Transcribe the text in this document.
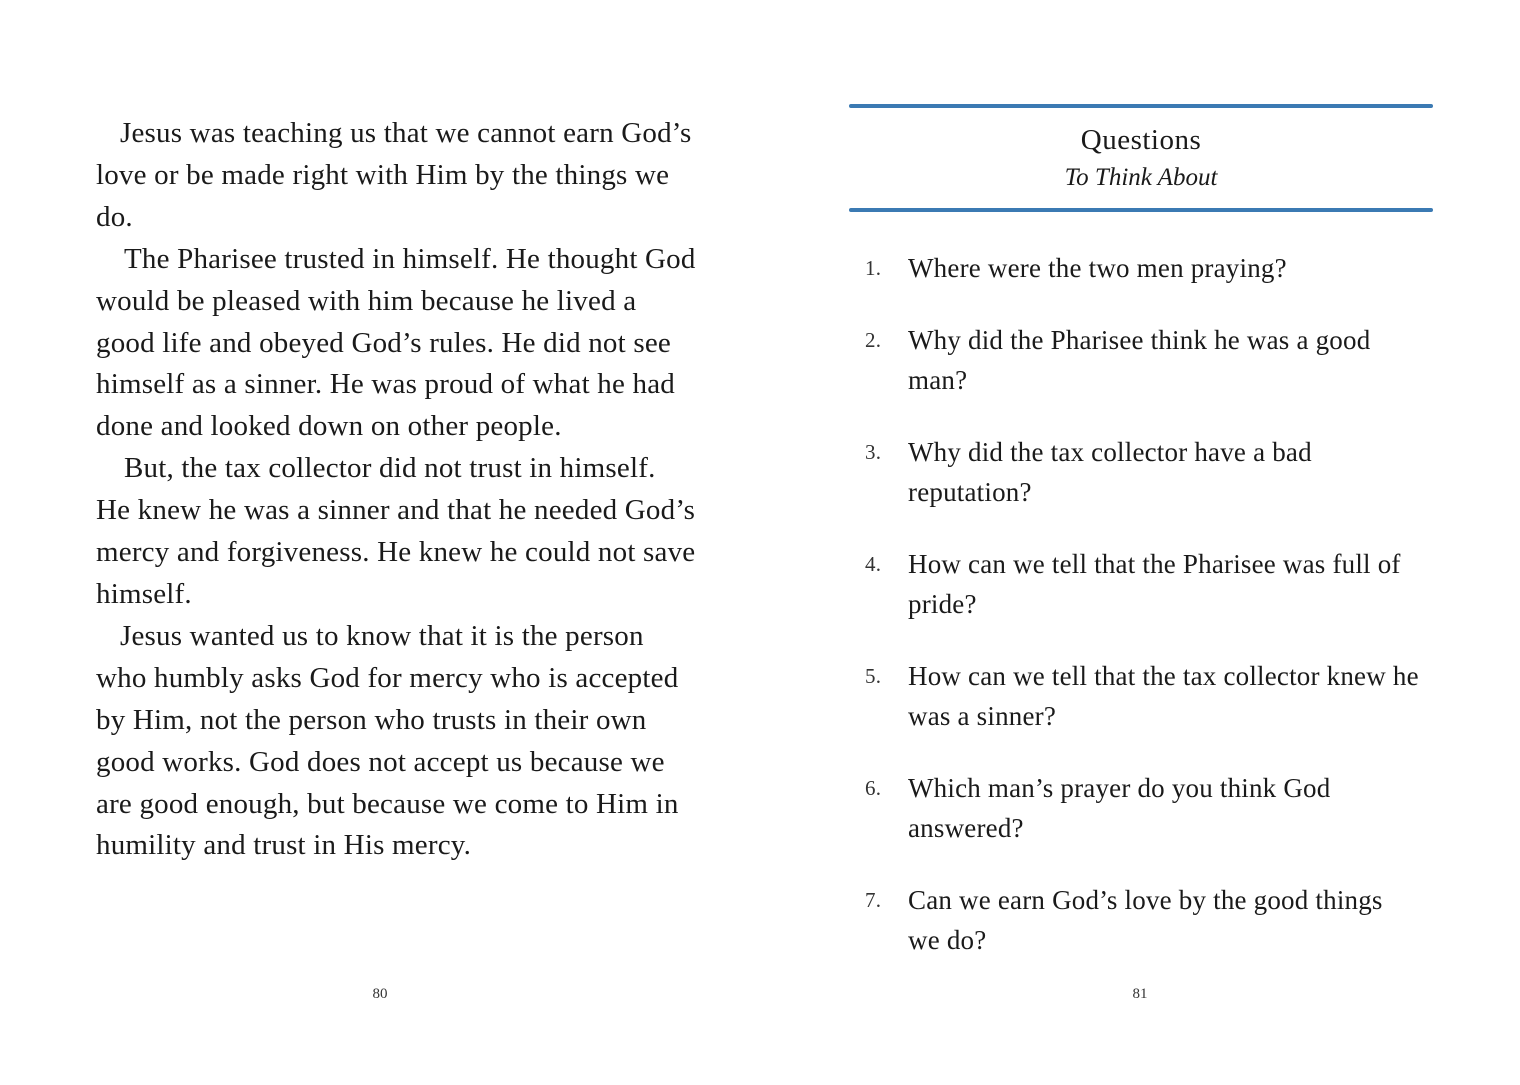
Jesus was teaching us that we cannot earn God’s love or be made right with Him by the things we do.

The Pharisee trusted in himself. He thought God would be pleased with him because he lived a good life and obeyed God’s rules. He did not see himself as a sinner. He was proud of what he had done and looked down on other people.

But, the tax collector did not trust in himself. He knew he was a sinner and that he needed God’s mercy and forgiveness. He knew he could not save himself.

Jesus wanted us to know that it is the person who humbly asks God for mercy who is accepted by Him, not the person who trusts in their own good works. God does not accept us because we are good enough, but because we come to Him in humility and trust in His mercy.

80
Questions
To Think About
1. Where were the two men praying?
2. Why did the Pharisee think he was a good man?
3. Why did the tax collector have a bad reputation?
4. How can we tell that the Pharisee was full of pride?
5. How can we tell that the tax collector knew he was a sinner?
6. Which man’s prayer do you think God answered?
7. Can we earn God’s love by the good things we do?
81
